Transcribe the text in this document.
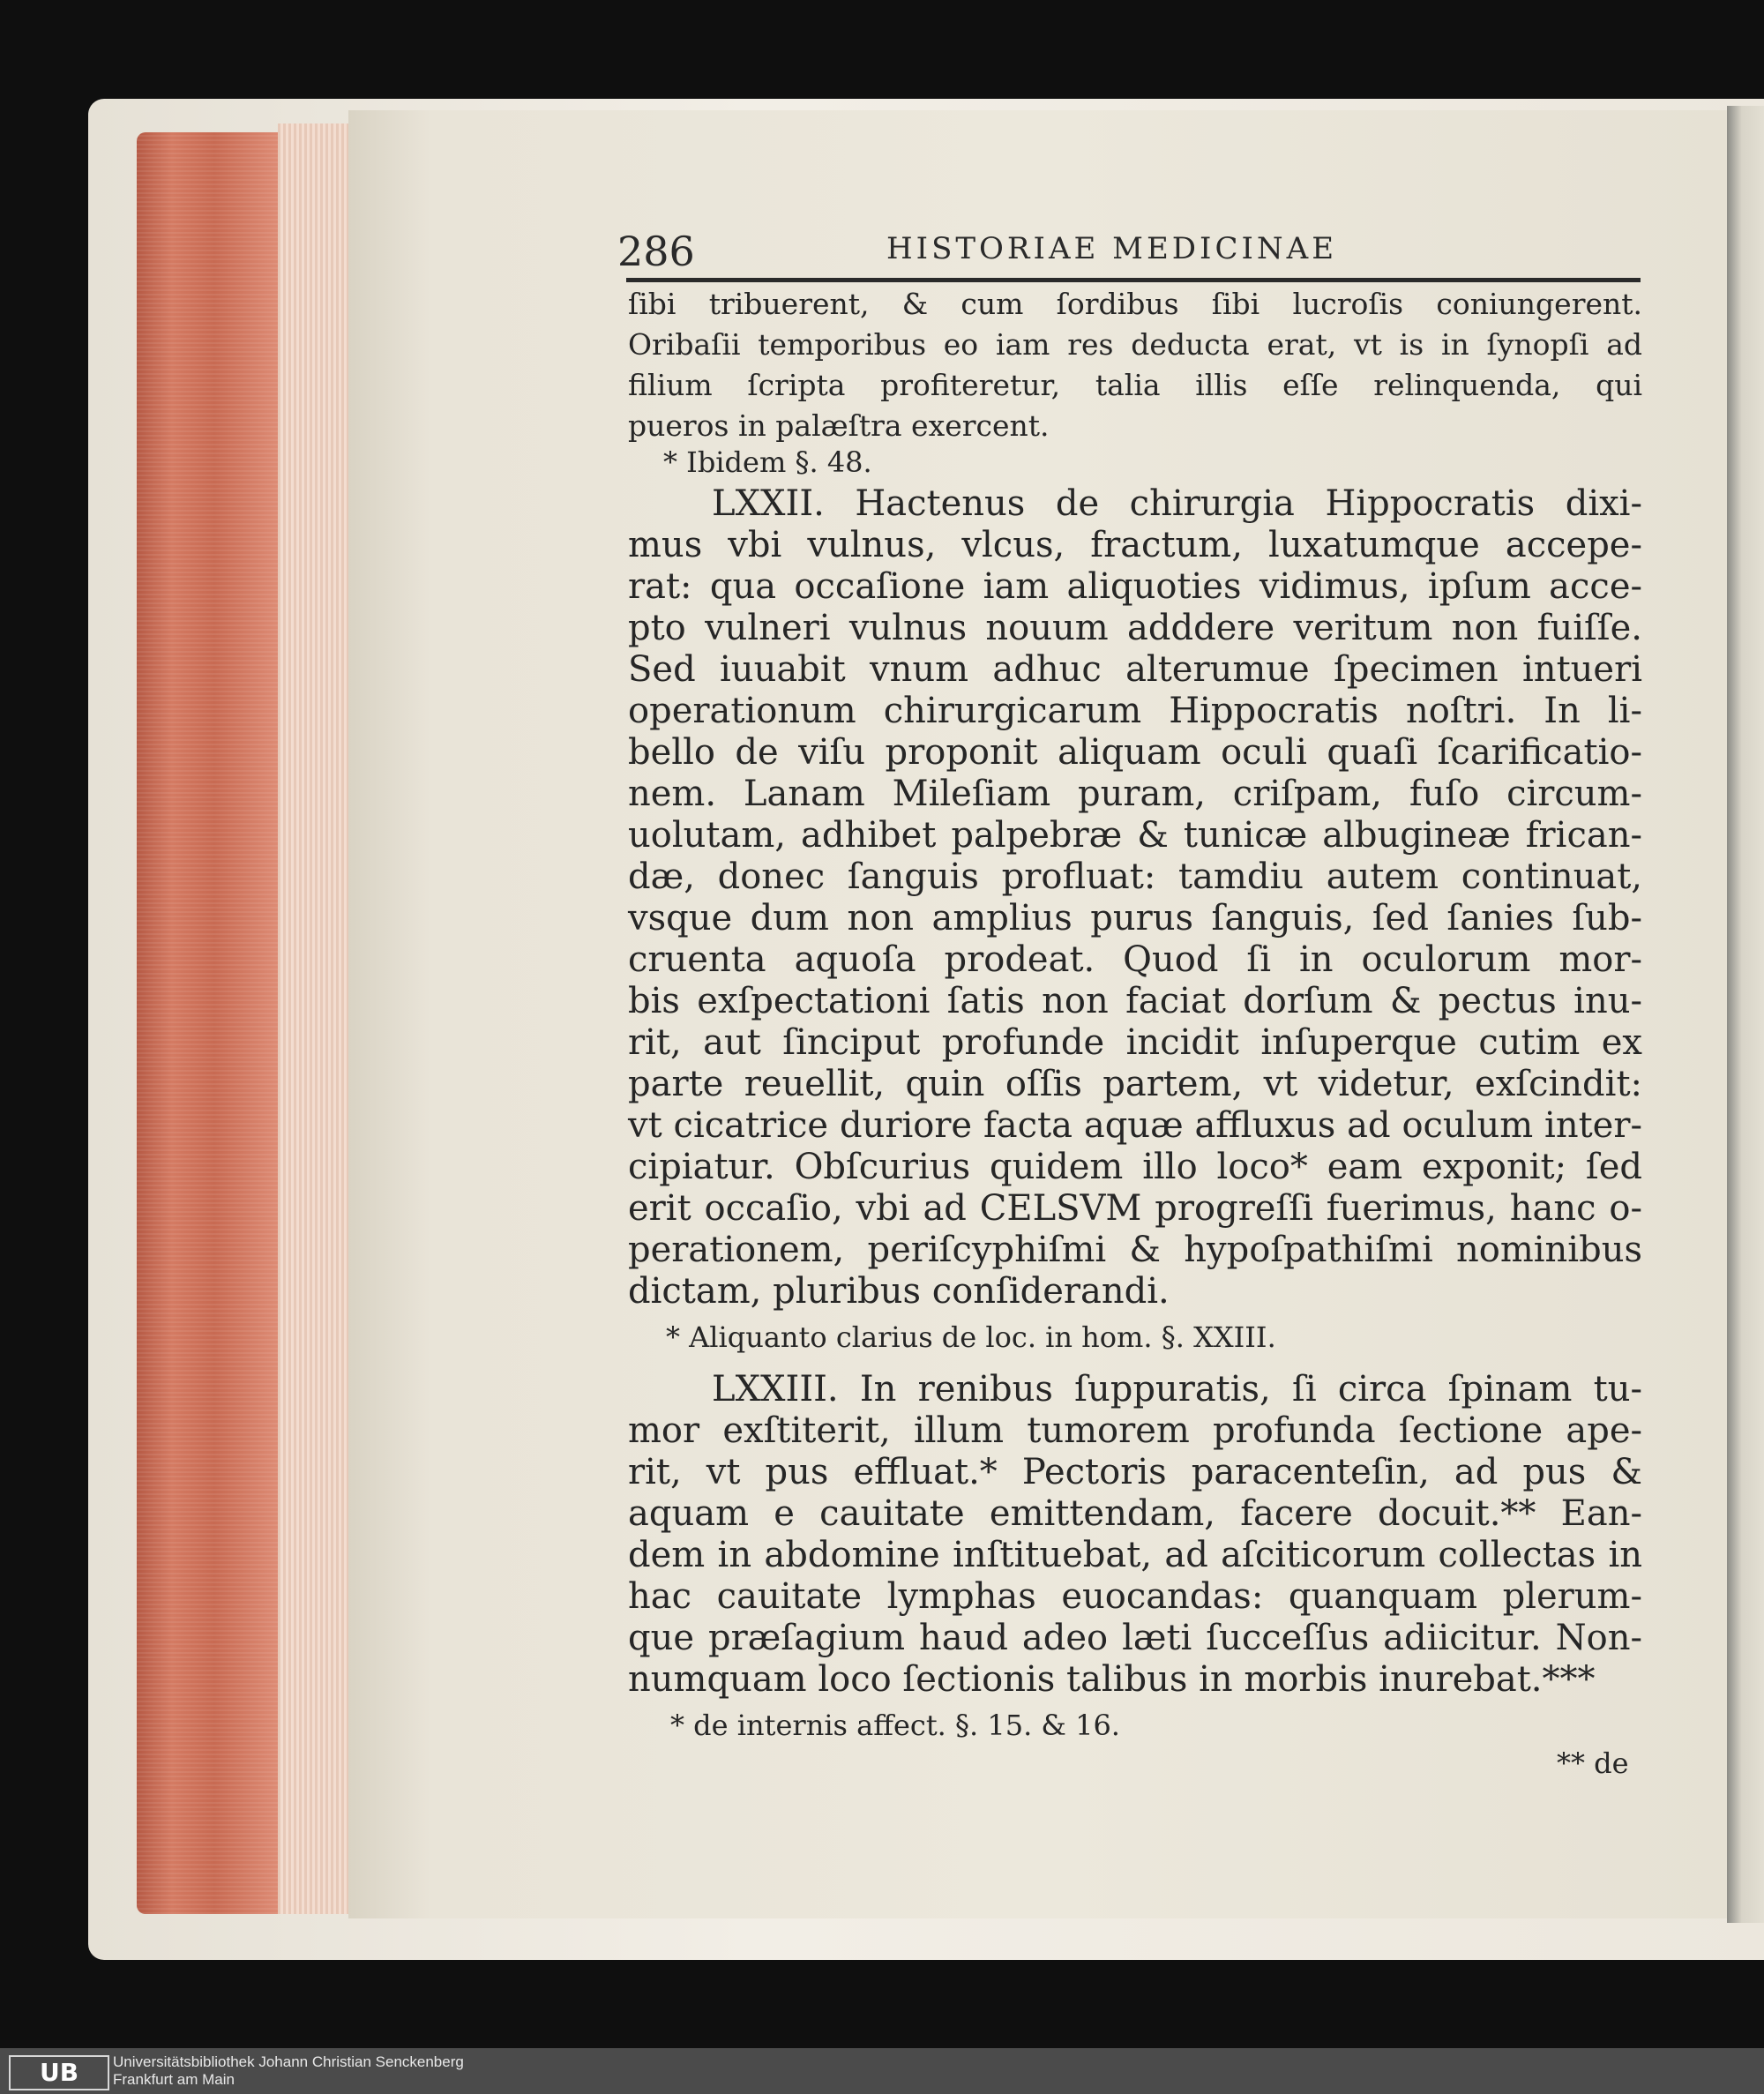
286	HISTORIAE MEDICINAE
ſibi tribuerent, & cum ſordibus ſibi lucroſis coniungerent.
Oribaſii temporibus eo iam res deducta erat, vt is in ſynopſi ad
filium ſcripta profiteretur, talia illis eſſe relinquenda, qui
pueros in palæſtra exercent.
* Ibidem §. 48.
LXXII. Hactenus de chirurgia Hippocratis dixi-
mus vbi vulnus, vlcus, fractum, luxatumque accepe-
rat: qua occaſione iam aliquoties vidimus, ipſum acce-
pto vulneri vulnus nouum adddere veritum non fuiſſe.
Sed iuuabit vnum adhuc alterumue ſpecimen intueri
operationum chirurgicarum Hippocratis noſtri. In li-
bello de viſu proponit aliquam oculi quaſi ſcarificatio-
nem. Lanam Mileſiam puram, criſpam, fuſo circum-
uolutam, adhibet palpebræ & tunicæ albugineæ frican-
dæ, donec ſanguis profluat: tamdiu autem continuat,
vsque dum non amplius purus ſanguis, ſed ſanies ſub-
cruenta aquoſa prodeat. Quod ſi in oculorum mor-
bis exſpectationi ſatis non faciat dorſum & pectus inu-
rit, aut ſinciput profunde incidit inſuperque cutim ex
parte reuellit, quin oſſis partem, vt videtur, exſcindit:
vt cicatrice duriore facta aquæ affluxus ad oculum inter-
cipiatur. Obſcurius quidem illo loco* eam exponit; ſed
erit occaſio, vbi ad CELSVM progreſſi fuerimus, hanc o-
perationem, periſcyphiſmi & hypoſpathiſmi nominibus
dictam, pluribus conſiderandi.
* Aliquanto clarius de loc. in hom. §. XXIII.
LXXIII. In renibus ſuppuratis, ſi circa ſpinam tu-
mor exſtiterit, illum tumorem profunda ſectione ape-
rit, vt pus effluat.* Pectoris paracenteſin, ad pus &
aquam e cauitate emittendam, facere docuit.** Ean-
dem in abdomine inſtituebat, ad aſciticorum collectas in
hac cauitate lymphas euocandas: quanquam plerum-
que præſagium haud adeo læti ſucceſſus adiicitur. Non-
numquam loco ſectionis talibus in morbis inurebat.***
* de internis affect. §. 15. & 16.
** de
UB	Universitätsbibliothek Johann Christian Senckenberg
Frankfurt am Main
